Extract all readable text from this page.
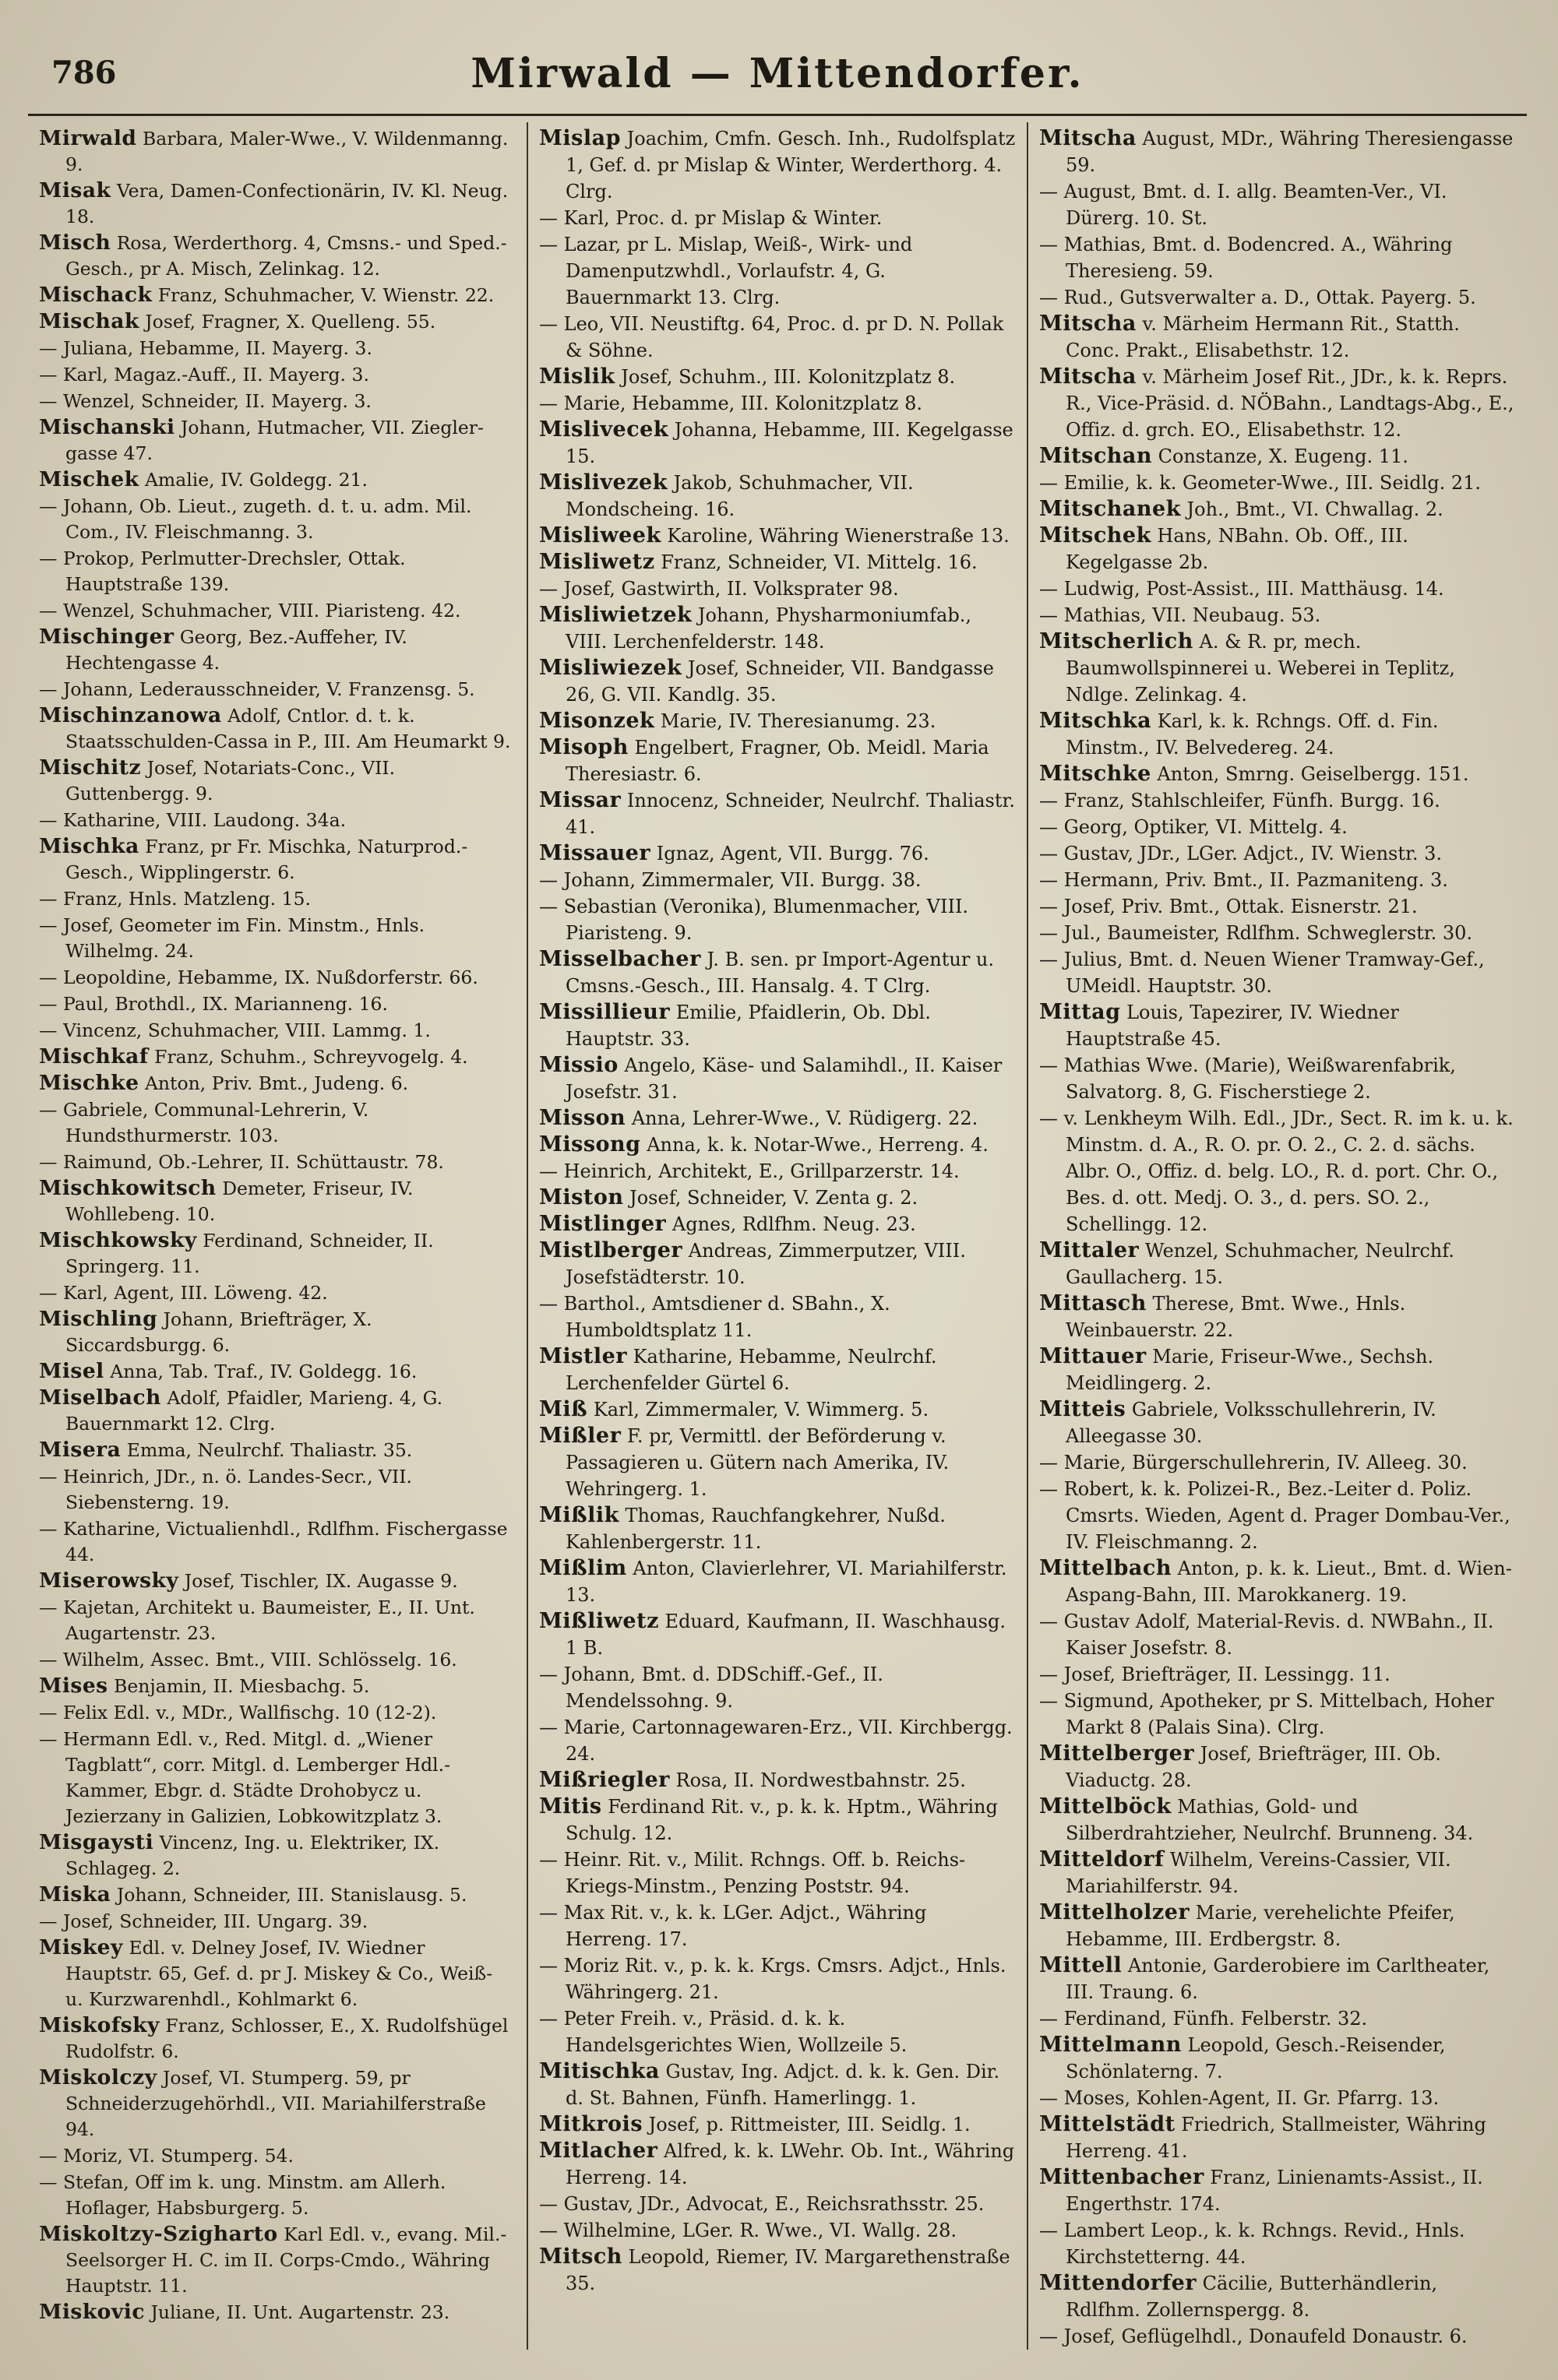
786	Mirwald — Mittendorfer.

Mirwald Barbara, Maler-Wwe., V. Wildenmanng. 9.

Misak Vera, Damen-Confectionärin, IV. Kl. Neug. 18.

Misch Rosa, Werderthorg. 4, Cmsns.- und Sped.-Gesch., pr A. Misch, Zelinkag. 12.

Mischack Franz, Schuhmacher, V. Wienstr. 22.

Mischak Josef, Fragner, X. Quelleng. 55.

— Juliana, Hebamme, II. Mayerg. 3.

— Karl, Magaz.-Auff., II. Mayerg. 3.

— Wenzel, Schneider, II. Mayerg. 3.

Mischanski Johann, Hutmacher, VII. Ziegler-gasse 47.

Mischek Amalie, IV. Goldegg. 21.

— Johann, Ob. Lieut., zugeth. d. t. u. adm. Mil. Com., IV. Fleischmanng. 3.

— Prokop, Perlmutter-Drechsler, Ottak. Hauptstraße 139.

— Wenzel, Schuhmacher, VIII. Piaristeng. 42.

Mischinger Georg, Bez.-Auffeher, IV. Hechtengasse 4.

— Johann, Lederausschneider, V. Franzensg. 5.

Mischinzanowa Adolf, Cntlor. d. t. k. Staatsschulden-Cassa in P., III. Am Heumarkt 9.

Mischitz Josef, Notariats-Conc., VII. Guttenbergg. 9.

— Katharine, VIII. Laudong. 34a.

Mischka Franz, pr Fr. Mischka, Naturprod.-Gesch., Wipplingerstr. 6.

— Franz, Hnls. Matzleng. 15.

— Josef, Geometer im Fin. Minstm., Hnls. Wilhelmg. 24.

— Leopoldine, Hebamme, IX. Nußdorferstr. 66.

— Paul, Brothdl., IX. Marianneng. 16.

— Vincenz, Schuhmacher, VIII. Lammg. 1.

Mischkaf Franz, Schuhm., Schreyvogelg. 4.

Mischke Anton, Priv. Bmt., Judeng. 6.

— Gabriele, Communal-Lehrerin, V. Hundsthurmerstr. 103.

— Raimund, Ob.-Lehrer, II. Schüttaustr. 78.

Mischkowitsch Demeter, Friseur, IV. Wohllebeng. 10.

Mischkowsky Ferdinand, Schneider, II. Springerg. 11.

— Karl, Agent, III. Löweng. 42.

Mischling Johann, Briefträger, X. Siccardsburgg. 6.

Misel Anna, Tab. Traf., IV. Goldegg. 16.

Miselbach Adolf, Pfaidler, Marieng. 4, G. Bauernmarkt 12. Clrg.

Misera Emma, Neulrchf. Thaliastr. 35.

— Heinrich, JDr., n. ö. Landes-Secr., VII. Siebensterng. 19.

— Katharine, Victualienhdl., Rdlfhm. Fischergasse 44.

Miserowsky Josef, Tischler, IX. Augasse 9.

— Kajetan, Architekt u. Baumeister, E., II. Unt. Augartenstr. 23.

— Wilhelm, Assec. Bmt., VIII. Schlösselg. 16.

Mises Benjamin, II. Miesbachg. 5.

— Felix Edl. v., MDr., Wallfischg. 10 (12-2).

— Hermann Edl. v., Red. Mitgl. d. „Wiener Tagblatt“, corr. Mitgl. d. Lemberger Hdl.-Kammer, Ebgr. d. Städte Drohobycz u. Jezierzany in Galizien, Lobkowitzplatz 3.

Misgaysti Vincenz, Ing. u. Elektriker, IX. Schlageg. 2.

Miska Johann, Schneider, III. Stanislausg. 5.

— Josef, Schneider, III. Ungarg. 39.

Miskey Edl. v. Delney Josef, IV. Wiedner Hauptstr. 65, Gef. d. pr J. Miskey & Co., Weiß- u. Kurzwarenhdl., Kohlmarkt 6.

Miskofsky Franz, Schlosser, E., X. Rudolfshügel Rudolfstr. 6.

Miskolczy Josef, VI. Stumperg. 59, pr Schneiderzugehörhdl., VII. Mariahilferstraße 94.

— Moriz, VI. Stumperg. 54.

— Stefan, Off im k. ung. Minstm. am Allerh. Hoflager, Habsburgerg. 5.

Miskoltzy-Szigharto Karl Edl. v., evang. Mil.-Seelsorger H. C. im II. Corps-Cmdo., Währing Hauptstr. 11.

Miskovic Juliane, II. Unt. Augartenstr. 23.

Mislap Joachim, Cmfn. Gesch. Inh., Rudolfsplatz 1, Gef. d. pr Mislap & Winter, Werderthorg. 4. Clrg.

— Karl, Proc. d. pr Mislap & Winter.

— Lazar, pr L. Mislap, Weiß-, Wirk- und Damenputzwhdl., Vorlaufstr. 4, G. Bauernmarkt 13. Clrg.

— Leo, VII. Neustiftg. 64, Proc. d. pr D. N. Pollak & Söhne.

Mislik Josef, Schuhm., III. Kolonitzplatz 8.

— Marie, Hebamme, III. Kolonitzplatz 8.

Mislivecek Johanna, Hebamme, III. Kegelgasse 15.

Mislivezek Jakob, Schuhmacher, VII. Mondscheing. 16.

Misliweek Karoline, Währing Wienerstraße 13.

Misliwetz Franz, Schneider, VI. Mittelg. 16.

— Josef, Gastwirth, II. Volksprater 98.

Misliwietzek Johann, Physharmoniumfab., VIII. Lerchenfelderstr. 148.

Misliwiezek Josef, Schneider, VII. Bandgasse 26, G. VII. Kandlg. 35.

Misonzek Marie, IV. Theresianumg. 23.

Misoph Engelbert, Fragner, Ob. Meidl. Maria Theresiastr. 6.

Missar Innocenz, Schneider, Neulrchf. Thaliastr. 41.

Missauer Ignaz, Agent, VII. Burgg. 76.

— Johann, Zimmermaler, VII. Burgg. 38.

— Sebastian (Veronika), Blumenmacher, VIII. Piaristeng. 9.

Misselbacher J. B. sen. pr Import-Agentur u. Cmsns.-Gesch., III. Hansalg. 4. T Clrg.

Missillieur Emilie, Pfaidlerin, Ob. Dbl. Hauptstr. 33.

Missio Angelo, Käse- und Salamihdl., II. Kaiser Josefstr. 31.

Misson Anna, Lehrer-Wwe., V. Rüdigerg. 22.

Missong Anna, k. k. Notar-Wwe., Herreng. 4.

— Heinrich, Architekt, E., Grillparzerstr. 14.

Miston Josef, Schneider, V. Zenta g. 2.

Mistlinger Agnes, Rdlfhm. Neug. 23.

Mistlberger Andreas, Zimmerputzer, VIII. Josefstädterstr. 10.

— Barthol., Amtsdiener d. SBahn., X. Humboldtsplatz 11.

Mistler Katharine, Hebamme, Neulrchf. Lerchenfelder Gürtel 6.

Miß Karl, Zimmermaler, V. Wimmerg. 5.

Mißler F. pr, Vermittl. der Beförderung v. Passagieren u. Gütern nach Amerika, IV. Wehringerg. 1.

Mißlik Thomas, Rauchfangkehrer, Nußd. Kahlenbergerstr. 11.

Mißlim Anton, Clavierlehrer, VI. Mariahilferstr. 13.

Mißliwetz Eduard, Kaufmann, II. Waschhausg. 1 B.

— Johann, Bmt. d. DDSchiff.-Gef., II. Mendelssohng. 9.

— Marie, Cartonnagewaren-Erz., VII. Kirchbergg. 24.

Mißriegler Rosa, II. Nordwestbahnstr. 25.

Mitis Ferdinand Rit. v., p. k. k. Hptm., Währing Schulg. 12.

— Heinr. Rit. v., Milit. Rchngs. Off. b. Reichs-Kriegs-Minstm., Penzing Poststr. 94.

— Max Rit. v., k. k. LGer. Adjct., Währing Herreng. 17.

— Moriz Rit. v., p. k. k. Krgs. Cmsrs. Adjct., Hnls. Währingerg. 21.

— Peter Freih. v., Präsid. d. k. k. Handelsgerichtes Wien, Wollzeile 5.

Mitischka Gustav, Ing. Adjct. d. k. k. Gen. Dir. d. St. Bahnen, Fünfh. Hamerlingg. 1.

Mitkrois Josef, p. Rittmeister, III. Seidlg. 1.

Mitlacher Alfred, k. k. LWehr. Ob. Int., Währing Herreng. 14.

— Gustav, JDr., Advocat, E., Reichsrathsstr. 25.

— Wilhelmine, LGer. R. Wwe., VI. Wallg. 28.

Mitsch Leopold, Riemer, IV. Margarethenstraße 35.

Mitscha August, MDr., Währing Theresiengasse 59.

— August, Bmt. d. I. allg. Beamten-Ver., VI. Dürerg. 10. St.

— Mathias, Bmt. d. Bodencred. A., Währing Theresieng. 59.

— Rud., Gutsverwalter a. D., Ottak. Payerg. 5.

Mitscha v. Märheim Hermann Rit., Statth. Conc. Prakt., Elisabethstr. 12.

Mitscha v. Märheim Josef Rit., JDr., k. k. Reprs. R., Vice-Präsid. d. NÖBahn., Landtags-Abg., E., Offiz. d. grch. EO., Elisabethstr. 12.

Mitschan Constanze, X. Eugeng. 11.

— Emilie, k. k. Geometer-Wwe., III. Seidlg. 21.

Mitschanek Joh., Bmt., VI. Chwallag. 2.

Mitschek Hans, NBahn. Ob. Off., III. Kegelgasse 2b.

— Ludwig, Post-Assist., III. Matthäusg. 14.

— Mathias, VII. Neubaug. 53.

Mitscherlich A. & R. pr, mech. Baumwollspinnerei u. Weberei in Teplitz, Ndlge. Zelinkag. 4.

Mitschka Karl, k. k. Rchngs. Off. d. Fin. Minstm., IV. Belvedereg. 24.

Mitschke Anton, Smrng. Geiselbergg. 151.

— Franz, Stahlschleifer, Fünfh. Burgg. 16.

— Georg, Optiker, VI. Mittelg. 4.

— Gustav, JDr., LGer. Adjct., IV. Wienstr. 3.

— Hermann, Priv. Bmt., II. Pazmaniteng. 3.

— Josef, Priv. Bmt., Ottak. Eisnerstr. 21.

— Jul., Baumeister, Rdlfhm. Schweglerstr. 30.

— Julius, Bmt. d. Neuen Wiener Tramway-Gef., UMeidl. Hauptstr. 30.

Mittag Louis, Tapezirer, IV. Wiedner Hauptstraße 45.

— Mathias Wwe. (Marie), Weißwarenfabrik, Salvatorg. 8, G. Fischerstiege 2.

— v. Lenkheym Wilh. Edl., JDr., Sect. R. im k. u. k. Minstm. d. A., R. O. pr. O. 2., C. 2. d. sächs. Albr. O., Offiz. d. belg. LO., R. d. port. Chr. O., Bes. d. ott. Medj. O. 3., d. pers. SO. 2., Schellingg. 12.

Mittaler Wenzel, Schuhmacher, Neulrchf. Gaullacherg. 15.

Mittasch Therese, Bmt. Wwe., Hnls. Weinbauerstr. 22.

Mittauer Marie, Friseur-Wwe., Sechsh. Meidlingerg. 2.

Mitteis Gabriele, Volksschullehrerin, IV. Alleegasse 30.

— Marie, Bürgerschullehrerin, IV. Alleeg. 30.

— Robert, k. k. Polizei-R., Bez.-Leiter d. Poliz. Cmsrts. Wieden, Agent d. Prager Dombau-Ver., IV. Fleischmanng. 2.

Mittelbach Anton, p. k. k. Lieut., Bmt. d. Wien-Aspang-Bahn, III. Marokkanerg. 19.

— Gustav Adolf, Material-Revis. d. NWBahn., II. Kaiser Josefstr. 8.

— Josef, Briefträger, II. Lessingg. 11.

— Sigmund, Apotheker, pr S. Mittelbach, Hoher Markt 8 (Palais Sina). Clrg.

Mittelberger Josef, Briefträger, III. Ob. Viaductg. 28.

Mittelböck Mathias, Gold- und Silberdrahtzieher, Neulrchf. Brunneng. 34.

Mitteldorf Wilhelm, Vereins-Cassier, VII. Mariahilferstr. 94.

Mittelholzer Marie, verehelichte Pfeifer, Hebamme, III. Erdbergstr. 8.

Mittell Antonie, Garderobiere im Carltheater, III. Traung. 6.

— Ferdinand, Fünfh. Felberstr. 32.

Mittelmann Leopold, Gesch.-Reisender, Schönlaterng. 7.

— Moses, Kohlen-Agent, II. Gr. Pfarrg. 13.

Mittelstädt Friedrich, Stallmeister, Währing Herreng. 41.

Mittenbacher Franz, Linienamts-Assist., II. Engerthstr. 174.

— Lambert Leop., k. k. Rchngs. Revid., Hnls. Kirchstetterng. 44.

Mittendorfer Cäcilie, Butterhändlerin, Rdlfhm. Zollernspergg. 8.

— Josef, Geflügelhdl., Donaufeld Donaustr. 6.
